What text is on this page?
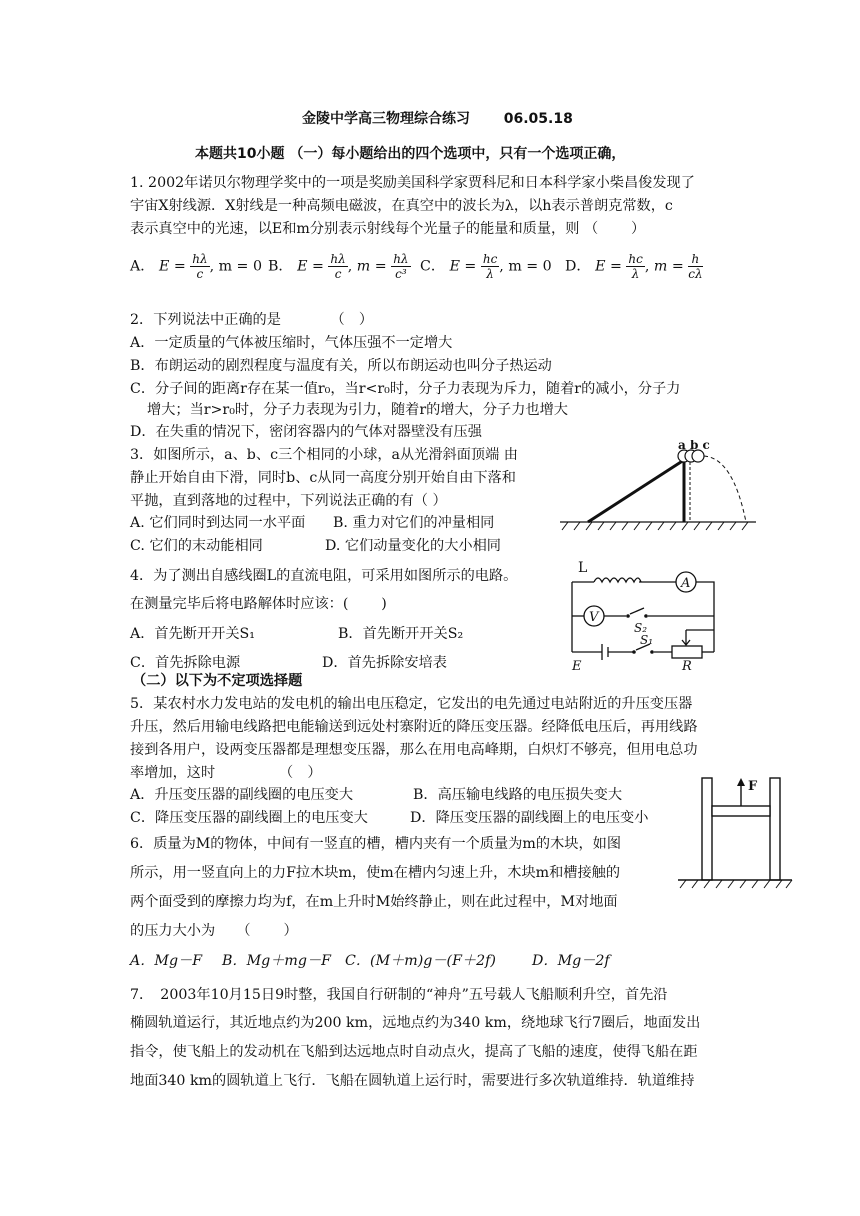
金陵中学高三物理综合练习 06.05.18
本题共10小题 （一）每小题给出的四个选项中，只有一个选项正确，
1. 2002年诺贝尔物理学奖中的一项是奖励美国科学家贾科尼和日本科学家小柴昌俊发现了
宇宙X射线源．X射线是一种高频电磁波，在真空中的波长为λ，以h表示普朗克常数，c
表示真空中的光速，以E和m分别表示射线每个光量子的能量和质量，则 （　　 ）
A． $E = \frac{h\lambda}{c}$ , m = 0 B． $E = \frac{h\lambda}{c}$ , $m = \frac{h\lambda}{\text{c³}}$ C． $E = \frac{hc}{\lambda}$ , m = 0 D． $E = \frac{hc}{\lambda}$ , $m = \frac{h}{c\lambda}$
2．下列说法中正确的是　　　　（　）
A．一定质量的气体被压缩时，气体压强不一定增大
B．布朗运动的剧烈程度与温度有关，所以布朗运动也叫分子热运动
C．分子间的距离r存在某一值r₀，当r<r₀时，分子力表现为斥力，随着r的减小，分子力
增大；当r>r₀时，分子力表现为引力，随着r的增大，分子力也增大
D．在失重的情况下，密闭容器内的气体对器壁没有压强
3．如图所示，a、b、c三个相同的小球，a从光滑斜面顶端 由
静止开始自由下滑，同时b、c从同一高度分别开始自由下落和
平抛，直到落地的过程中，下列说法正确的有（ ）
A. 它们同时到达同一水平面 B. 重力对它们的冲量相同
C. 它们的末动能相同	D. 它们动量变化的大小相同
a b c
4．为了测出自感线圈L的直流电阻，可采用如图所示的电路。
在测量完毕后将电路解体时应该：(　　 )
A．首先断开开关S₁	B．首先断开开关S₂
C．首先拆除电源	D．首先拆除安培表
L
A
V
S₂
S₁
E	R
（二）以下为不定项选择题
5．某农村水力发电站的发电机的输出电压稳定，它发出的电先通过电站附近的升压变压器
升压，然后用输电线路把电能输送到远处村寨附近的降压变压器。经降低电压后，再用线路
接到各用户，设两变压器都是理想变压器，那么在用电高峰期，白炽灯不够亮，但用电总功
率增加，这时　　　　　（　）
A．升压变压器的副线圈的电压变大	B．高压输电线路的电压损失变大
C．降压变压器的副线圈上的电压变大	D．降压变压器的副线圈上的电压变小
6．质量为M的物体，中间有一竖直的槽，槽内夹有一个质量为m的木块，如图
所示，用一竖直向上的力F拉木块m，使m在槽内匀速上升，木块m和槽接触的
两个面受到的摩擦力均为f，在m上升时M始终静止，则在此过程中，M对地面
的压力大小为　　（　　 ）
A．Mg－F B．Mg＋mg－F C．(M＋m)g－(F＋2f)	D．Mg－2f
F
7．　2003年10月15日9时整，我国自行研制的“神舟”五号载人飞船顺利升空，首先沿
椭圆轨道运行，其近地点约为200 km，远地点约为340 km，绕地球飞行7圈后，地面发出
指令，使飞船上的发动机在飞船到达远地点时自动点火，提高了飞船的速度，使得飞船在距
地面340 km的圆轨道上飞行．飞船在圆轨道上运行时，需要进行多次轨道维持．轨道维持
